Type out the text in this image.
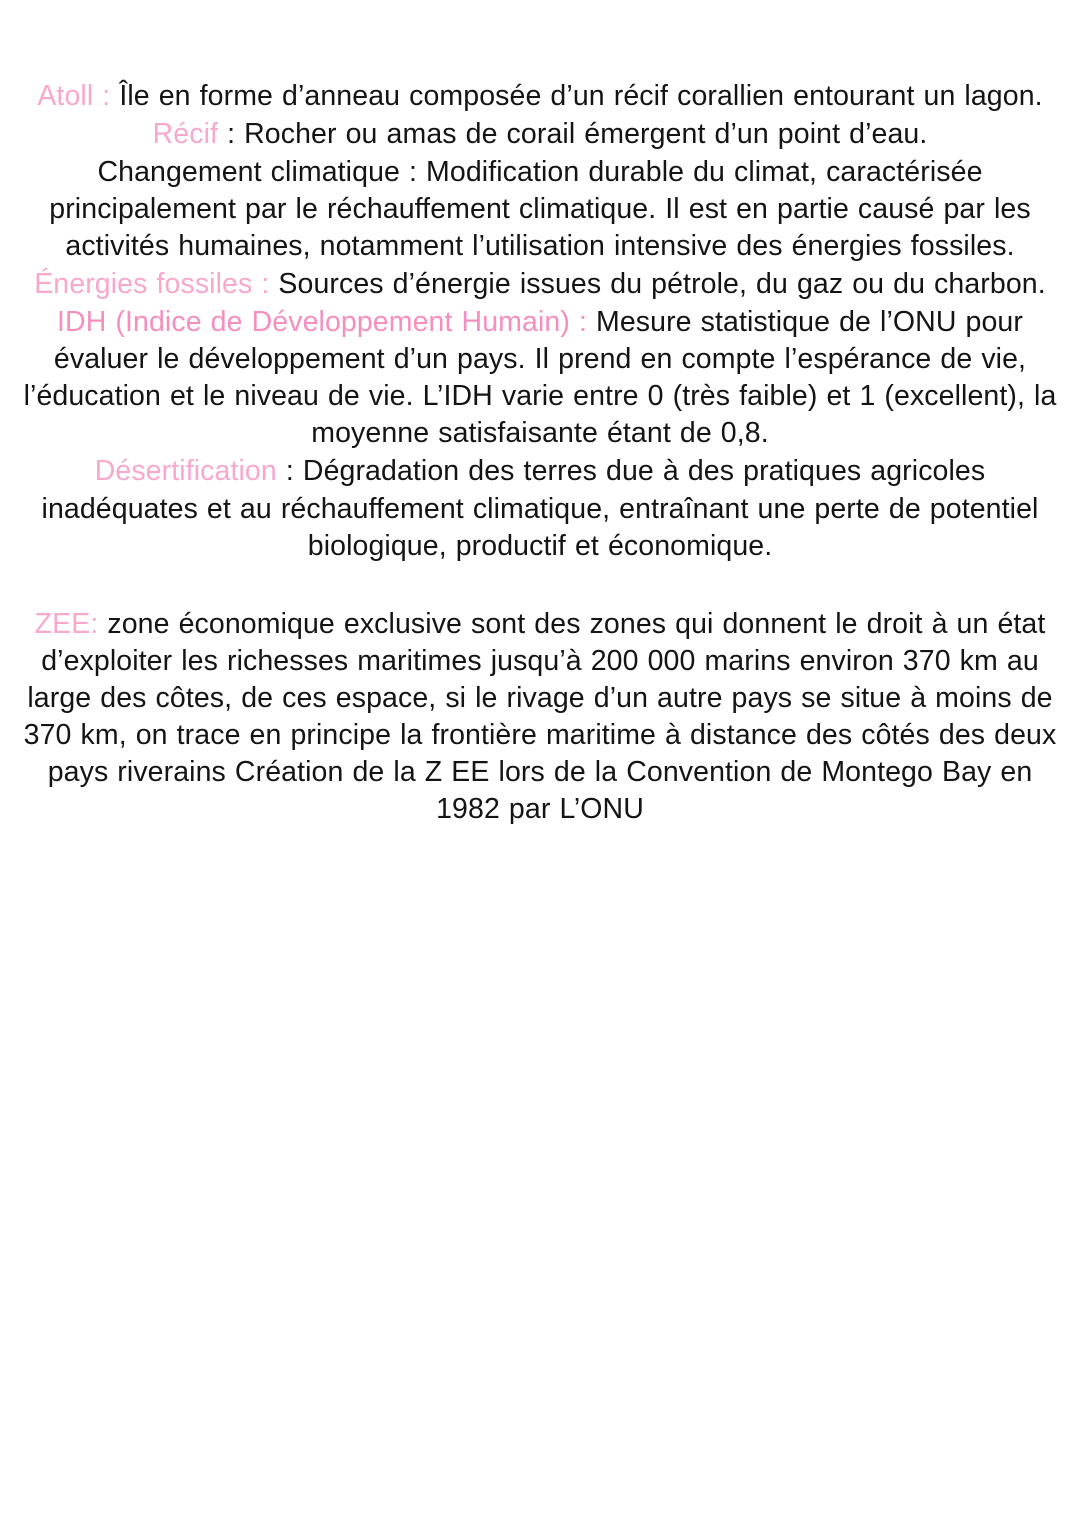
Atoll : Île en forme d’anneau composée d’un récif corallien entourant un lagon.

Récif : Rocher ou amas de corail émergent d’un point d’eau.

Changement climatique : Modification durable du climat, caractérisée principalement par le réchauffement climatique. Il est en partie causé par les activités humaines, notamment l’utilisation intensive des énergies fossiles.

Énergies fossiles : Sources d’énergie issues du pétrole, du gaz ou du charbon.

IDH (Indice de Développement Humain) : Mesure statistique de l’ONU pour évaluer le développement d’un pays. Il prend en compte l’espérance de vie, l’éducation et le niveau de vie. L’IDH varie entre 0 (très faible) et 1 (excellent), la moyenne satisfaisante étant de 0,8.

Désertification : Dégradation des terres due à des pratiques agricoles inadéquates et au réchauffement climatique, entraînant une perte de potentiel biologique, productif et économique.

ZEE: zone économique exclusive sont des zones qui donnent le droit à un état d’exploiter les richesses maritimes jusqu’à 200 000 marins environ 370 km au large des côtes, de ces espace, si le rivage d’un autre pays se situe à moins de 370 km, on trace en principe la frontière maritime à distance des côtés des deux pays riverains Création de la Z EE lors de la Convention de Montego Bay en 1982 par L’ONU
